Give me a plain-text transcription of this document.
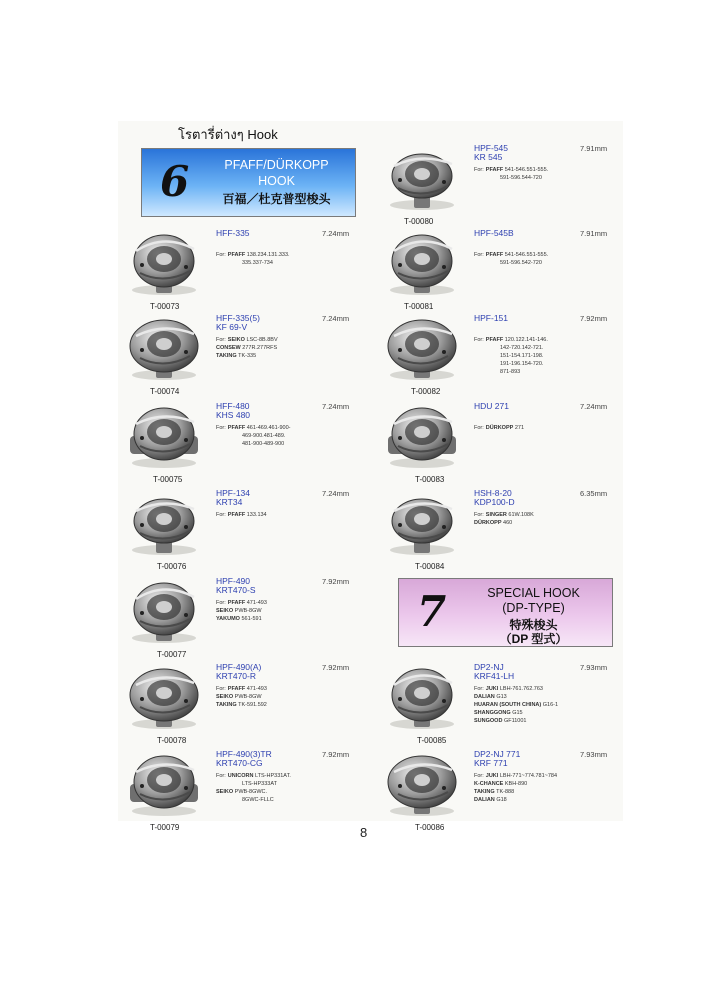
โรตารี่ต่างๆ Hook
6	PFAFF/DÜRKOPP
HOOK
百福／杜克普型梭头
7	SPECIAL HOOK
(DP-TYPE)
特殊梭头
（DP 型式）
T-00073
HFF-335	7.24mm
For: PFAFF 138.234.131.333.
335.337-734
T-00074
HFF-335(5)
KF 69-V
7.24mm
For: SEIKO LSC-8B.8BV
CONSEW 277R.277RFS
TAKING TK-335
T-00075
HFF-480
KHS 480
7.24mm
For: PFAFF 461-469.461-900-
469-900.481-489.
481-900-489-900
T-00076
HPF-134
KRT34
7.24mm
For: PFAFF 133.134
T-00077
HPF-490
KRT470-S
7.92mm
For: PFAFF 471-493
SEIKO PWB-8GW
YAKUMO 561-591
T-00078
HPF-490(A)
KRT470-R
7.92mm
For: PFAFF 471-493
SEIKO PWB-8GW
TAKING TK-591.592
T-00079
HPF-490(3)TR
KRT470-CG
7.92mm
For: UNICORN LTS-HP331AT.
LTS-HP333AT
SEIKO PWB-8GWC.
8GWC-FLLC
T-00080
HPF-545
KR 545
7.91mm
For: PFAFF 541-546.551-555.
591-596.544-720
T-00081
HPF-545B	7.91mm
For: PFAFF 541-546.551-555.
591-596.542-720
T-00082
HPF-151	7.92mm
For: PFAFF 120.122.141-146.
142-720.142-721.
151-154.171-198.
191-196.154-720.
871-893
T-00083
HDU 271	7.24mm
For: DÜRKOPP 271
T-00084
HSH-8-20
KDP100-D
6.35mm
For: SINGER 61W.108K
DÜRKOPP 460
T-00085
DP2-NJ
KRF41-LH
7.93mm
For: JUKI LBH-761.762.763
DALIAN G13
HUARAN (SOUTH CHINA) G16-1
SHANGGONG G15
SUNGOOD GF11001
T-00086
DP2-NJ 771
KRF 771
7.93mm
For: JUKI LBH-771~774.781~784
K-CHANCE KBH-890
TAKING TK-888
DALIAN G18
8
